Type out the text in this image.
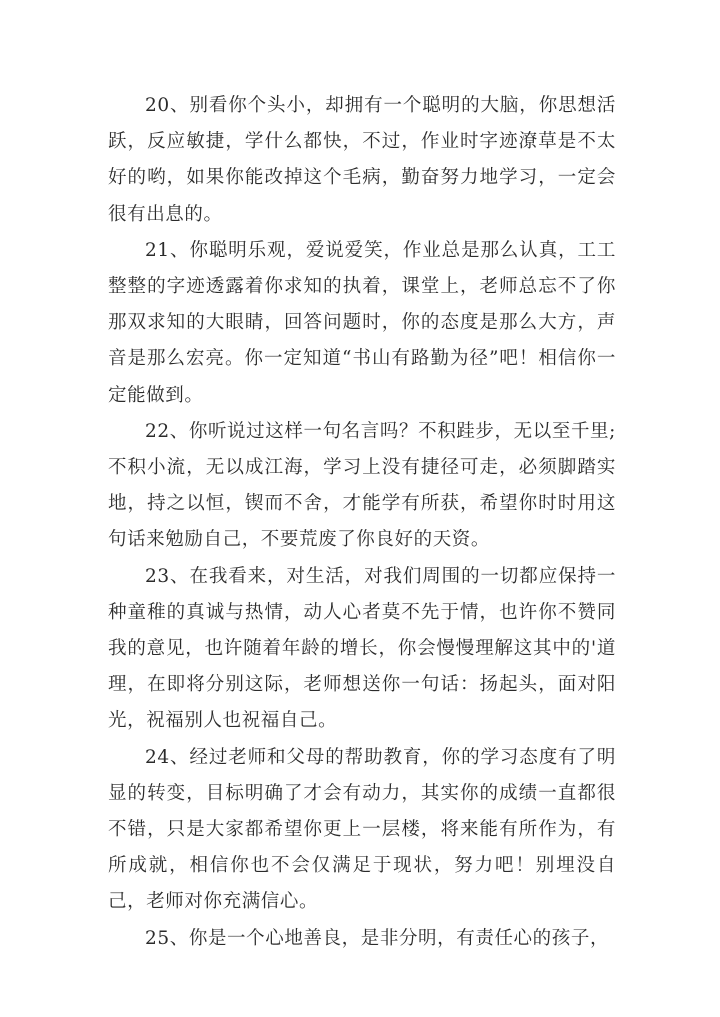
20、别看你个头小，却拥有一个聪明的大脑，你思想活跃，反应敏捷，学什么都快，不过，作业时字迹潦草是不太好的哟，如果你能改掉这个毛病，勤奋努力地学习，一定会很有出息的。

21、你聪明乐观，爱说爱笑，作业总是那么认真，工工整整的字迹透露着你求知的执着，课堂上，老师总忘不了你那双求知的大眼睛，回答问题时，你的态度是那么大方，声音是那么宏亮。你一定知道“书山有路勤为径”吧！相信你一定能做到。

22、你听说过这样一句名言吗？不积跬步，无以至千里;不积小流，无以成江海，学习上没有捷径可走，必须脚踏实地，持之以恒，锲而不舍，才能学有所获，希望你时时用这句话来勉励自己，不要荒废了你良好的天资。

23、在我看来，对生活，对我们周围的一切都应保持一种童稚的真诚与热情，动人心者莫不先于情，也许你不赞同我的意见，也许随着年龄的增长，你会慢慢理解这其中的'道理，在即将分别这际，老师想送你一句话：扬起头，面对阳光，祝福别人也祝福自己。

24、经过老师和父母的帮助教育，你的学习态度有了明显的转变，目标明确了才会有动力，其实你的成绩一直都很不错，只是大家都希望你更上一层楼，将来能有所作为，有所成就，相信你也不会仅满足于现状，努力吧！别埋没自己，老师对你充满信心。

25、你是一个心地善良，是非分明，有责任心的孩子，
